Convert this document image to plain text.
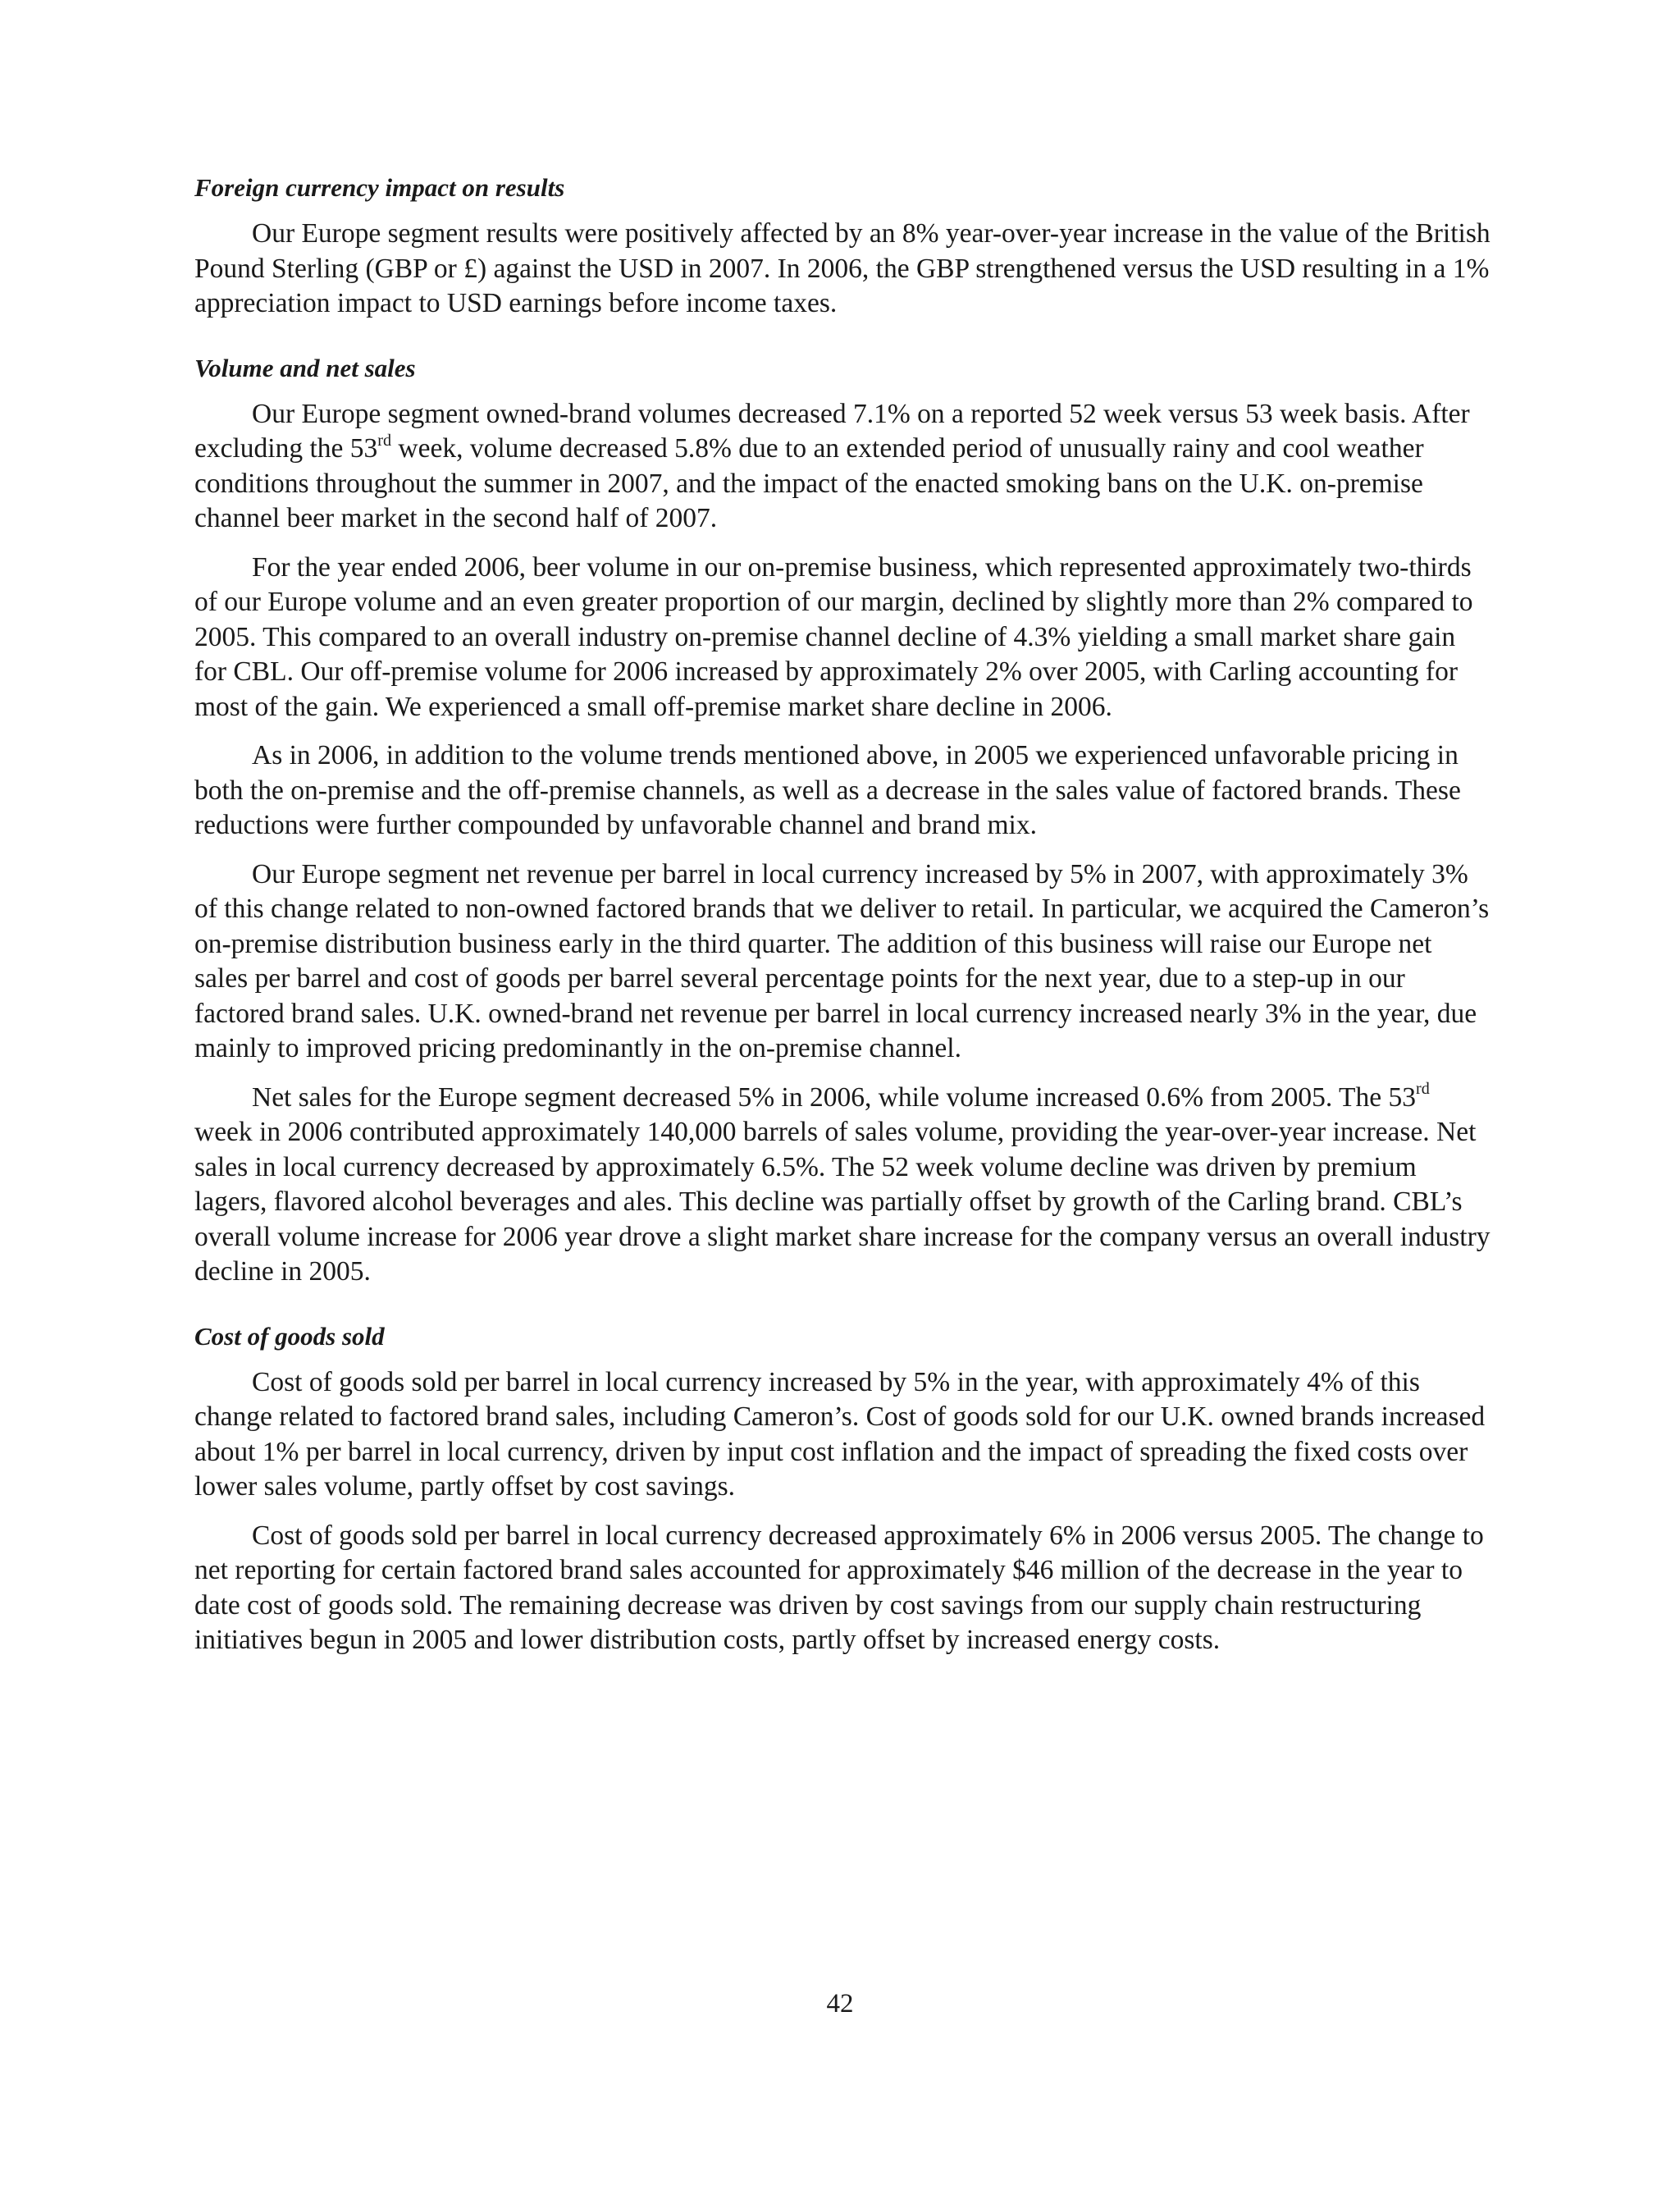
Foreign currency impact on results

Our Europe segment results were positively affected by an 8% year-over-year increase in the value of the British Pound Sterling (GBP or £) against the USD in 2007. In 2006, the GBP strengthened versus the USD resulting in a 1% appreciation impact to USD earnings before income taxes.

Volume and net sales

Our Europe segment owned-brand volumes decreased 7.1% on a reported 52 week versus 53 week basis. After excluding the 53rd week, volume decreased 5.8% due to an extended period of unusually rainy and cool weather conditions throughout the summer in 2007, and the impact of the enacted smoking bans on the U.K. on-premise channel beer market in the second half of 2007.

For the year ended 2006, beer volume in our on-premise business, which represented approximately two-thirds of our Europe volume and an even greater proportion of our margin, declined by slightly more than 2% compared to 2005. This compared to an overall industry on-premise channel decline of 4.3% yielding a small market share gain for CBL. Our off-premise volume for 2006 increased by approximately 2% over 2005, with Carling accounting for most of the gain. We experienced a small off-premise market share decline in 2006.

As in 2006, in addition to the volume trends mentioned above, in 2005 we experienced unfavorable pricing in both the on-premise and the off-premise channels, as well as a decrease in the sales value of factored brands. These reductions were further compounded by unfavorable channel and brand mix.

Our Europe segment net revenue per barrel in local currency increased by 5% in 2007, with approximately 3% of this change related to non-owned factored brands that we deliver to retail. In particular, we acquired the Cameron’s on-premise distribution business early in the third quarter. The addition of this business will raise our Europe net sales per barrel and cost of goods per barrel several percentage points for the next year, due to a step-up in our factored brand sales. U.K. owned-brand net revenue per barrel in local currency increased nearly 3% in the year, due mainly to improved pricing predominantly in the on-premise channel.

Net sales for the Europe segment decreased 5% in 2006, while volume increased 0.6% from 2005. The 53rd week in 2006 contributed approximately 140,000 barrels of sales volume, providing the year-over-year increase. Net sales in local currency decreased by approximately 6.5%. The 52 week volume decline was driven by premium lagers, flavored alcohol beverages and ales. This decline was partially offset by growth of the Carling brand. CBL’s overall volume increase for 2006 year drove a slight market share increase for the company versus an overall industry decline in 2005.

Cost of goods sold

Cost of goods sold per barrel in local currency increased by 5% in the year, with approximately 4% of this change related to factored brand sales, including Cameron’s. Cost of goods sold for our U.K. owned brands increased about 1% per barrel in local currency, driven by input cost inflation and the impact of spreading the fixed costs over lower sales volume, partly offset by cost savings.

Cost of goods sold per barrel in local currency decreased approximately 6% in 2006 versus 2005. The change to net reporting for certain factored brand sales accounted for approximately $46 million of the decrease in the year to date cost of goods sold. The remaining decrease was driven by cost savings from our supply chain restructuring initiatives begun in 2005 and lower distribution costs, partly offset by increased energy costs.

42
